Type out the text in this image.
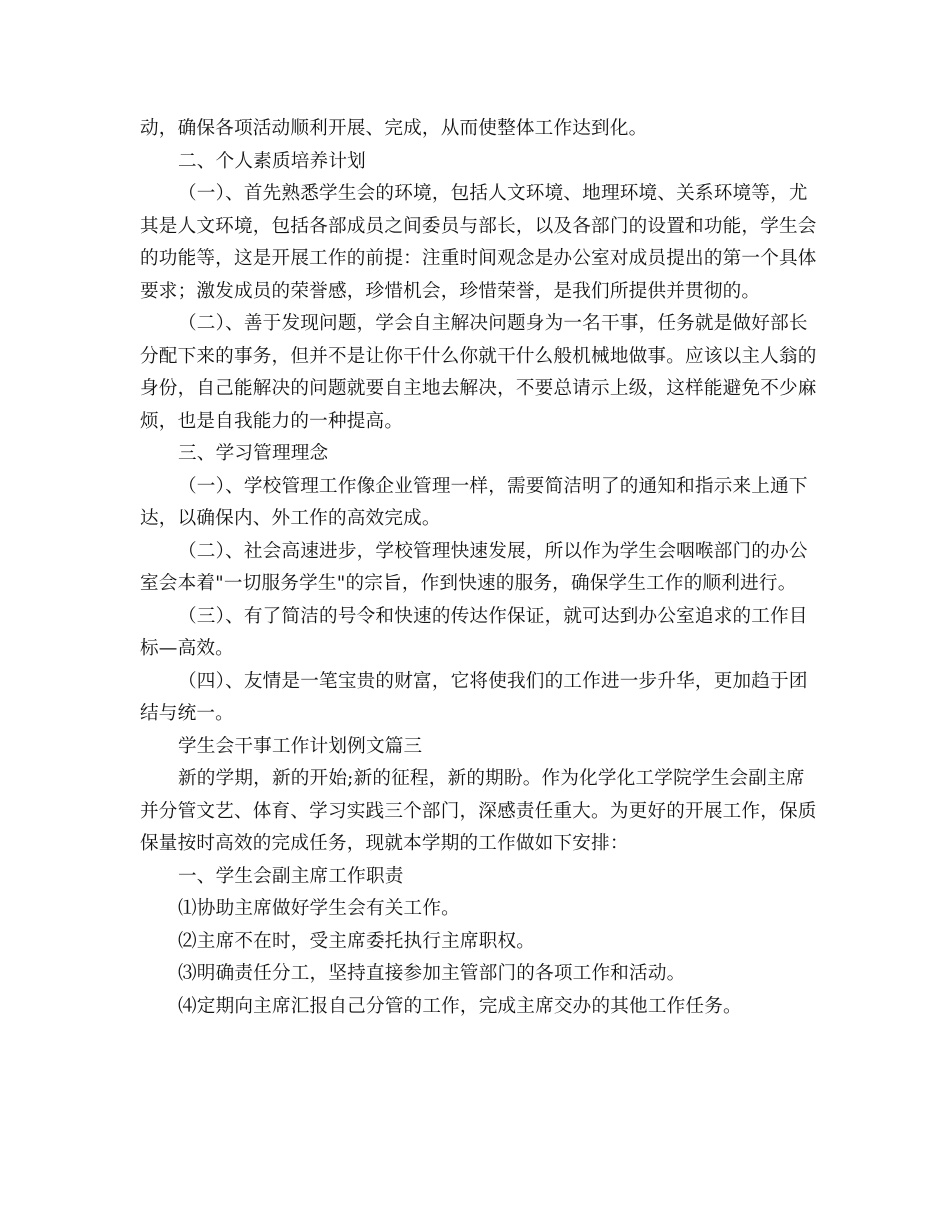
动，确保各项活动顺利开展、完成，从而使整体工作达到化。
二、个人素质培养计划
（一）、首先熟悉学生会的环境，包括人文环境、地理环境、关系环境等，尤
其是人文环境，包括各部成员之间委员与部长，以及各部门的设置和功能，学生会
的功能等，这是开展工作的前提：注重时间观念是办公室对成员提出的第一个具体
要求；激发成员的荣誉感，珍惜机会，珍惜荣誉，是我们所提供并贯彻的。
（二）、善于发现问题，学会自主解决问题身为一名干事，任务就是做好部长
分配下来的事务，但并不是让你干什么你就干什么般机械地做事。应该以主人翁的
身份，自己能解决的问题就要自主地去解决，不要总请示上级，这样能避免不少麻
烦，也是自我能力的一种提高。
三、学习管理理念
（一）、学校管理工作像企业管理一样，需要简洁明了的通知和指示来上通下
达，以确保内、外工作的高效完成。
（二）、社会高速进步，学校管理快速发展，所以作为学生会咽喉部门的办公
室会本着"一切服务学生"的宗旨，作到快速的服务，确保学生工作的顺利进行。
（三）、有了简洁的号令和快速的传达作保证，就可达到办公室追求的工作目
标—高效。
（四）、友情是一笔宝贵的财富，它将使我们的工作进一步升华，更加趋于团
结与统一。
学生会干事工作计划例文篇三
新的学期，新的开始;新的征程，新的期盼。作为化学化工学院学生会副主席
并分管文艺、体育、学习实践三个部门，深感责任重大。为更好的开展工作，保质
保量按时高效的完成任务，现就本学期的工作做如下安排：
一、学生会副主席工作职责
⑴协助主席做好学生会有关工作。
⑵主席不在时，受主席委托执行主席职权。
⑶明确责任分工，坚持直接参加主管部门的各项工作和活动。
⑷定期向主席汇报自己分管的工作，完成主席交办的其他工作任务。
